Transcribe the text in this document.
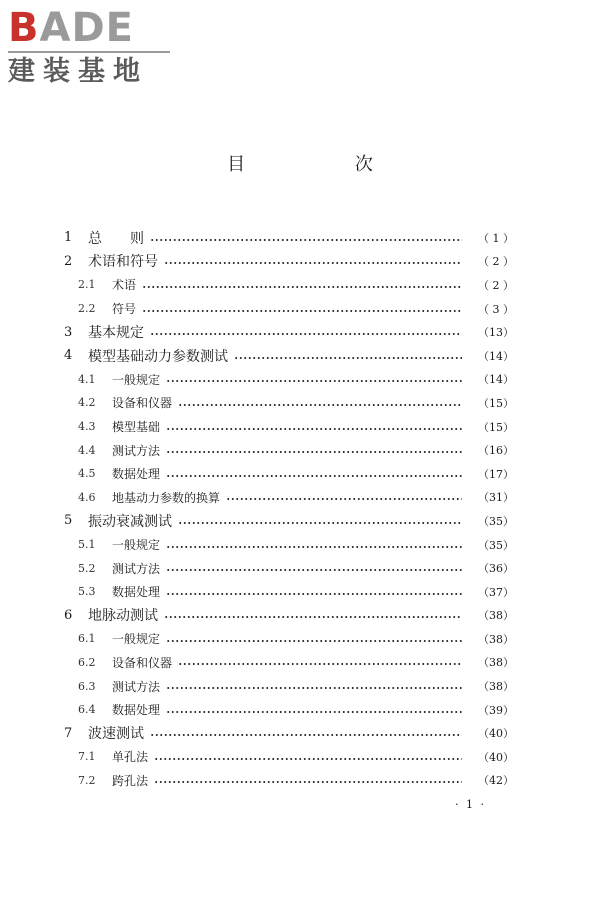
BADE
建装基地
目 次
1	总　　则	（ 1 ）
2	术语和符号	（ 2 ）
2.1	术语	（ 2 ）
2.2	符号	（ 3 ）
3	基本规定	（13）
4	模型基础动力参数测试	（14）
4.1	一般规定	（14）
4.2	设备和仪器	（15）
4.3	模型基础	（15）
4.4	测试方法	（16）
4.5	数据处理	（17）
4.6	地基动力参数的换算	（31）
5	振动衰减测试	（35）
5.1	一般规定	（35）
5.2	测试方法	（36）
5.3	数据处理	（37）
6	地脉动测试	（38）
6.1	一般规定	（38）
6.2	设备和仪器	（38）
6.3	测试方法	（38）
6.4	数据处理	（39）
7	波速测试	（40）
7.1	单孔法	（40）
7.2	跨孔法	（42）
· 1 ·
